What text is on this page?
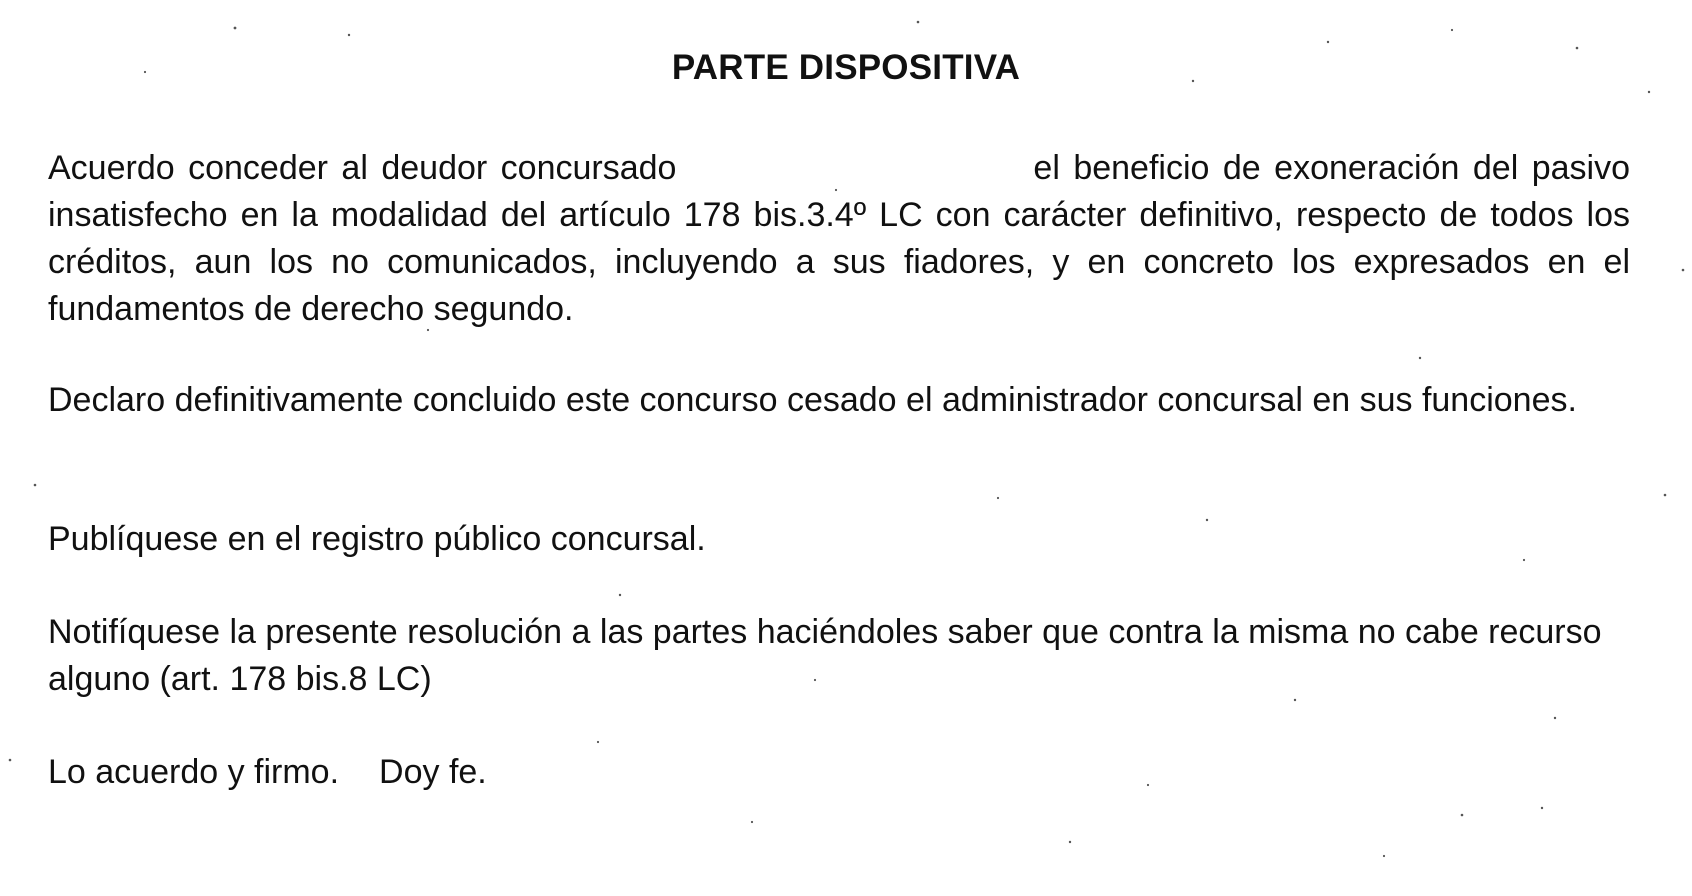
PARTE DISPOSITIVA

Acuerdo conceder al deudor concursado	el beneficio de exoneración del pasivo insatisfecho en la modalidad del artículo 178 bis.3.4º LC con carácter definitivo, respecto de todos los créditos, aun los no comunicados, incluyendo a sus fiadores, y en concreto los expresados en el fundamentos de derecho segundo.

Declaro definitivamente concluido este concurso cesado el administrador concursal en sus funciones.

Publíquese en el registro público concursal.

Notifíquese la presente resolución a las partes haciéndoles saber que contra la misma no cabe recurso alguno (art. 178 bis.8 LC)

Lo acuerdo y firmo. Doy fe.
